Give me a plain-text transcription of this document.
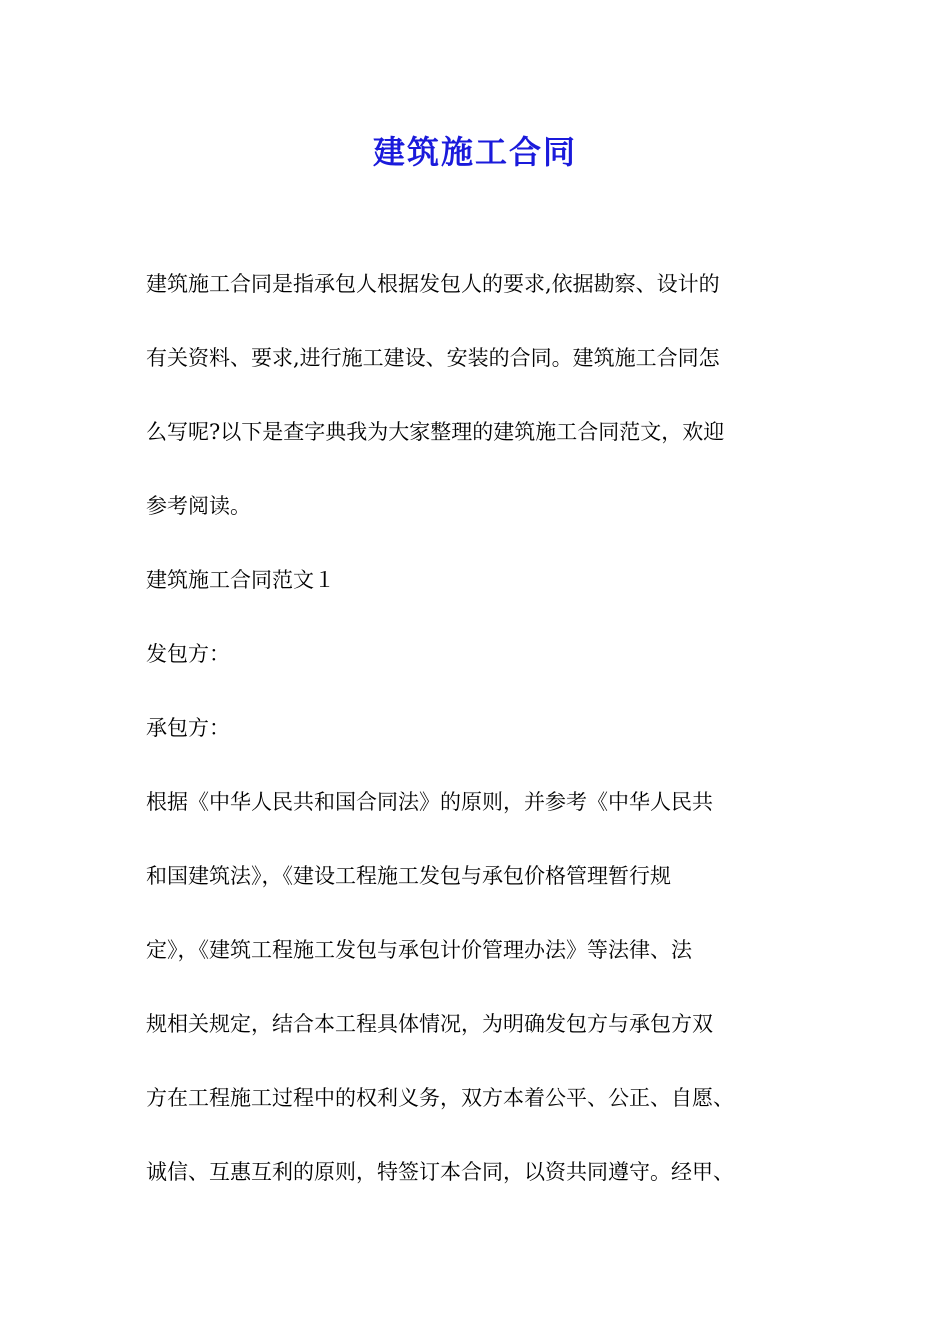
建筑施工合同
建筑施工合同是指承包人根据发包人的要求,依据勘察、设计的
有关资料、要求,进行施工建设、安装的合同。建筑施工合同怎
么写呢?以下是查字典我为大家整理的建筑施工合同范文，欢迎
参考阅读。
建筑施工合同范文１
发包方：
承包方：
根据《中华人民共和国合同法》的原则，并参考《中华人民共
和国建筑法》，《建设工程施工发包与承包价格管理暂行规
定》，《建筑工程施工发包与承包计价管理办法》等法律、法
规相关规定，结合本工程具体情况，为明确发包方与承包方双
方在工程施工过程中的权利义务，双方本着公平、公正、自愿、
诚信、互惠互利的原则，特签订本合同，以资共同遵守。经甲、
